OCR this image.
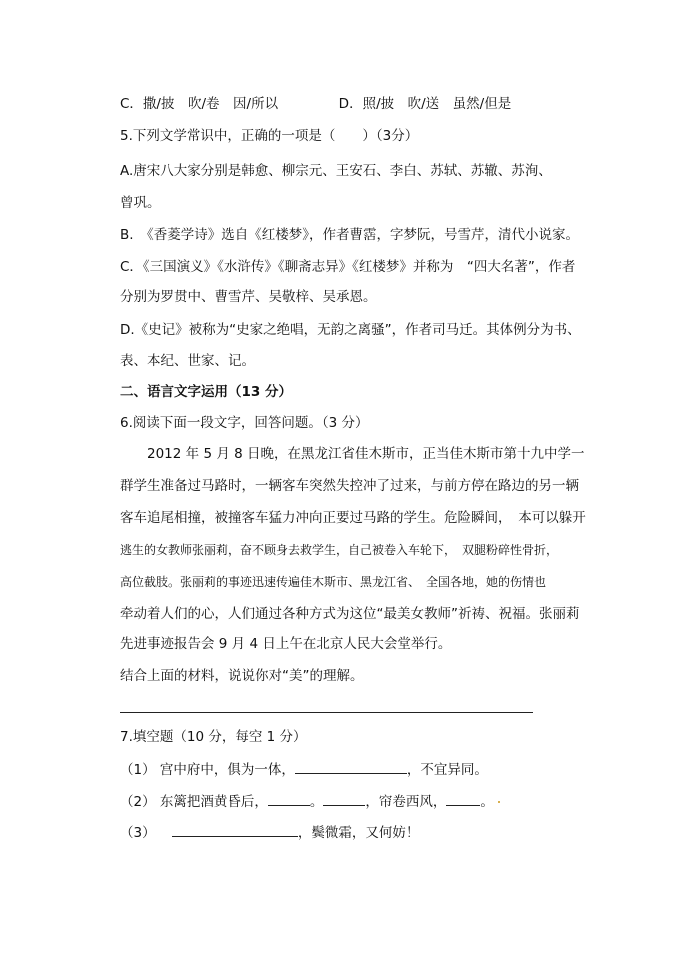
C．撒/披　吹/卷　因/所以	D．照/披　吹/送　虽然/但是
5.下列文学常识中，正确的一项是（　　）（3分）
A.唐宋八大家分别是韩愈、柳宗元、王安石、李白、苏轼、苏辙、苏洵、
曾巩。
B.　《香菱学诗》选自《红楼梦》，作者曹霑，字梦阮，号雪芹，清代小说家。
C．《三国演义》《水浒传》《聊斋志异》《红楼梦》并称为　“四大名著”，作者
分别为罗贯中、曹雪芹、吴敬梓、吴承恩。
D.《史记》被称为“史家之绝唱，无韵之离骚”，作者司马迁。其体例分为书、
表、本纪、世家、记。
二、语言文字运用（13 分）
6.阅读下面一段文字，回答问题。（3 分）
　　2012 年 5 月 8 日晚，在黑龙江省佳木斯市，正当佳木斯市第十九中学一
群学生准备过马路时，一辆客车突然失控冲了过来，与前方停在路边的另一辆
客车追尾相撞，被撞客车猛力冲向正要过马路的学生。危险瞬间，　本可以躲开
逃生的女教师张丽莉，奋不顾身去救学生，自己被卷入车轮下，　双腿粉碎性骨折，
高位截肢。张丽莉的事迹迅速传遍佳木斯市、黑龙江省、　全国各地，她的伤情也
牵动着人们的心，人们通过各种方式为这位“最美女教师”祈祷、祝福。张丽莉
先进事迹报告会 9 月 4 日上午在北京人民大会堂举行。
结合上面的材料，说说你对“美”的理解。
7.填空题（10 分，每空 1 分）
（1） 宫中府中，俱为一体，	，不宜异同。
（2） 东篱把酒黄昏后，	。	，帘卷西风，	。
（3）	，鬓微霜，又何妨！
